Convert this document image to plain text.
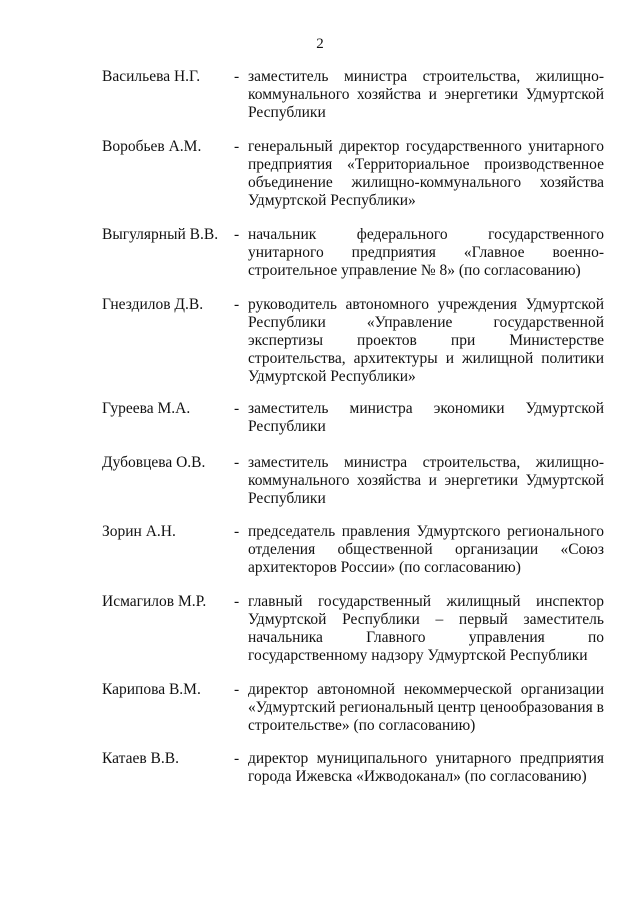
2
Васильева Н.Г. - заместитель министра строительства, жилищно-коммунального хозяйства и энергетики Удмуртской Республики
Воробьев А.М. - генеральный директор государственного унитарного предприятия «Территориальное производственное объединение жилищно-коммунального хозяйства Удмуртской Республики»
Выгулярный В.В. - начальник федерального государственного унитарного предприятия «Главное военно-строительное управление № 8» (по согласованию)
Гнездилов Д.В. - руководитель автономного учреждения Удмуртской Республики «Управление государственной экспертизы проектов при Министерстве строительства, архитектуры и жилищной политики Удмуртской Республики»
Гуреева М.А.	- заместитель министра экономики Удмуртской Республики
Дубовцева О.В. - заместитель министра строительства, жилищно-коммунального хозяйства и энергетики Удмуртской Республики
Зорин А.Н.	- председатель правления Удмуртского регионального отделения общественной организации «Союз архитекторов России» (по согласованию)
Исмагилов М.Р. - главный государственный жилищный инспектор Удмуртской Республики – первый заместитель начальника Главного управления по государственному надзору Удмуртской Республики
Карипова В.М. - директор автономной некоммерческой организации «Удмуртский региональный центр ценообразования в строительстве» (по согласованию)
Катаев В.В.	- директор муниципального унитарного предприятия города Ижевска «Ижводоканал» (по согласованию)
